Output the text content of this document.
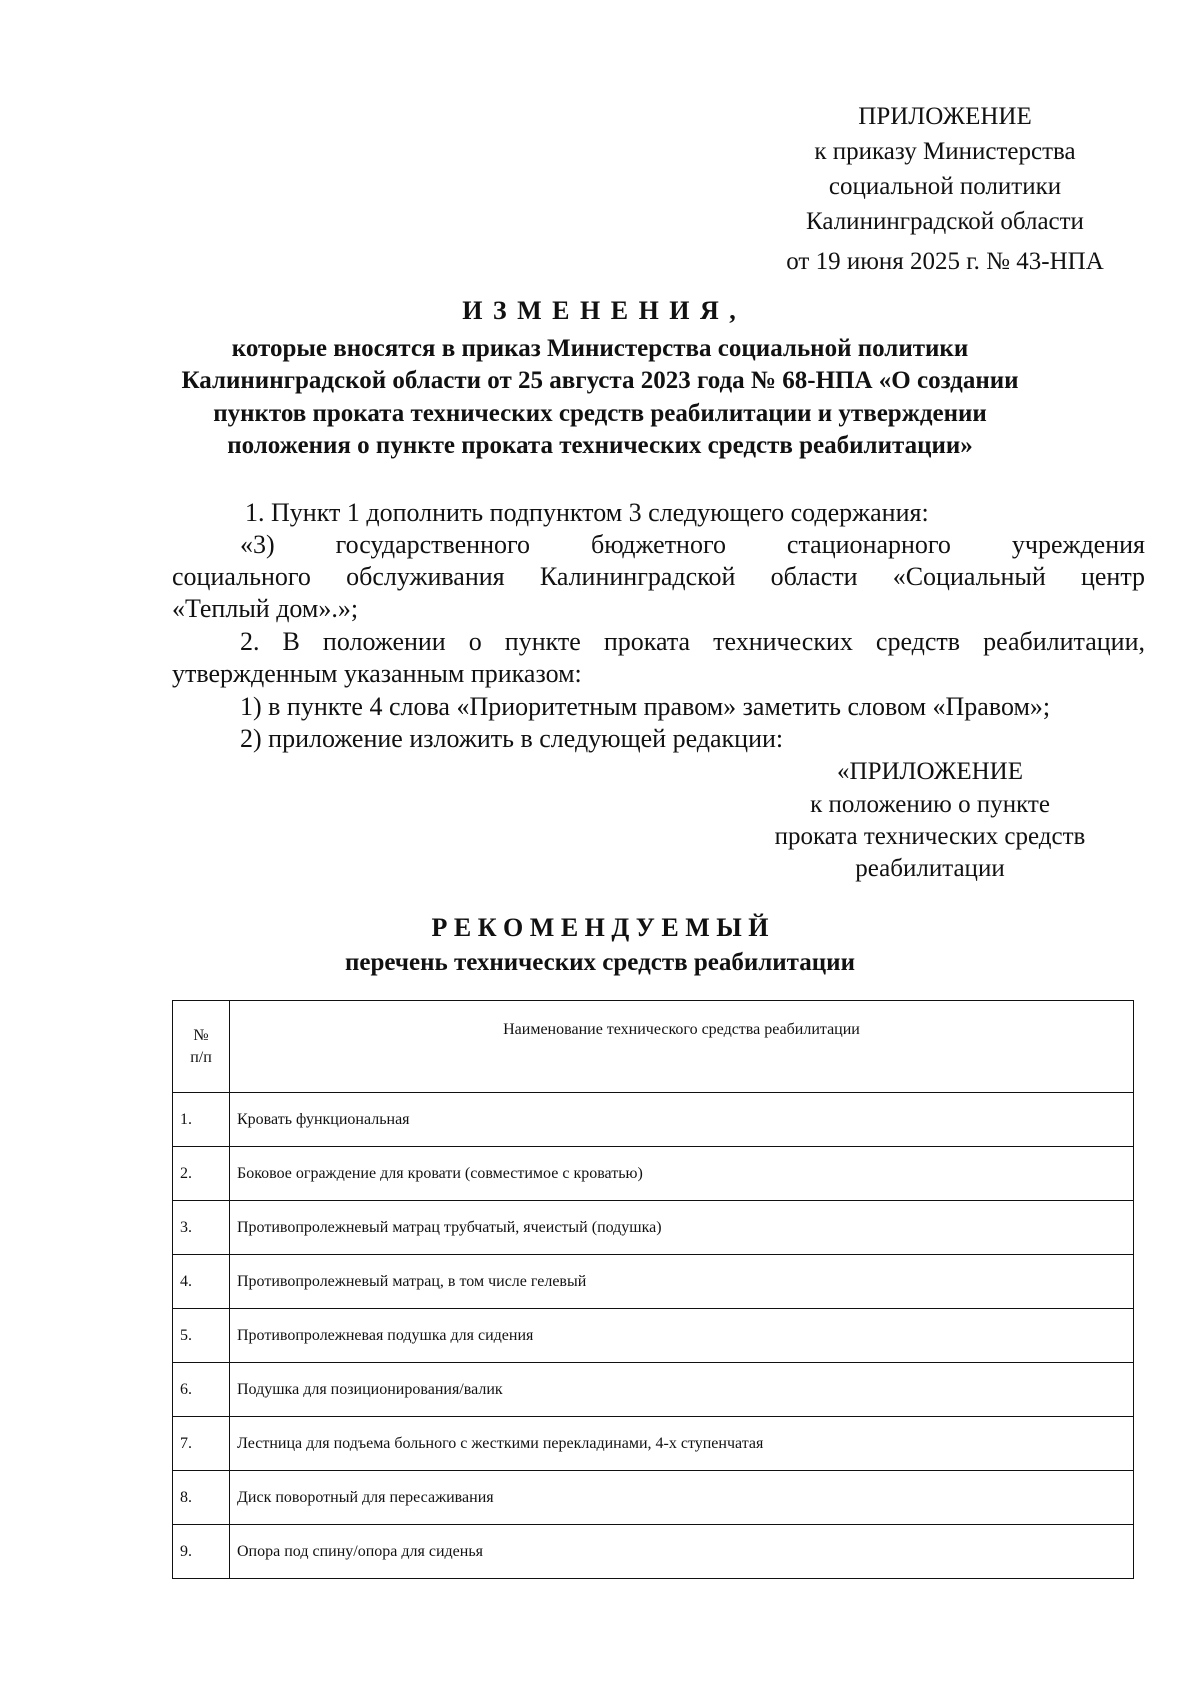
ПРИЛОЖЕНИЕ
к приказу Министерства
социальной политики
Калининградской области
от 19 июня 2025 г. № 43-НПА
И З М Е Н Е Н И Я ,
которые вносятся в приказ Министерства социальной политики
Калининградской области от 25 августа 2023 года № 68-НПА «О создании
пунктов проката технических средств реабилитации и утверждении
положения о пункте проката технических средств реабилитации»
1. Пункт 1 дополнить подпунктом 3 следующего содержания:
«3) государственного бюджетного стационарного учреждения
социального обслуживания Калининградской области «Социальный центр
«Теплый дом».»;
2. В положении о пункте проката технических средств реабилитации,
утвержденным указанным приказом:
1) в пункте 4 слова «Приоритетным правом» заметить словом «Правом»;
2) приложение изложить в следующей редакции:
«ПРИЛОЖЕНИЕ
к положению о пункте
проката технических средств
реабилитации
Р Е К О М Е Н Д У Е М Ы Й
перечень технических средств реабилитации
№
п/п	Наименование технического средства реабилитации
1.	Кровать функциональная
2.	Боковое ограждение для кровати (совместимое с кроватью)
3.	Противопролежневый матрац трубчатый, ячеистый (подушка)
4.	Противопролежневый матрац, в том числе гелевый
5.	Противопролежневая подушка для сидения
6.	Подушка для позиционирования/валик
7.	Лестница для подъема больного с жесткими перекладинами, 4-х ступенчатая
8.	Диск поворотный для пересаживания
9.	Опора под спину/опора для сиденья
